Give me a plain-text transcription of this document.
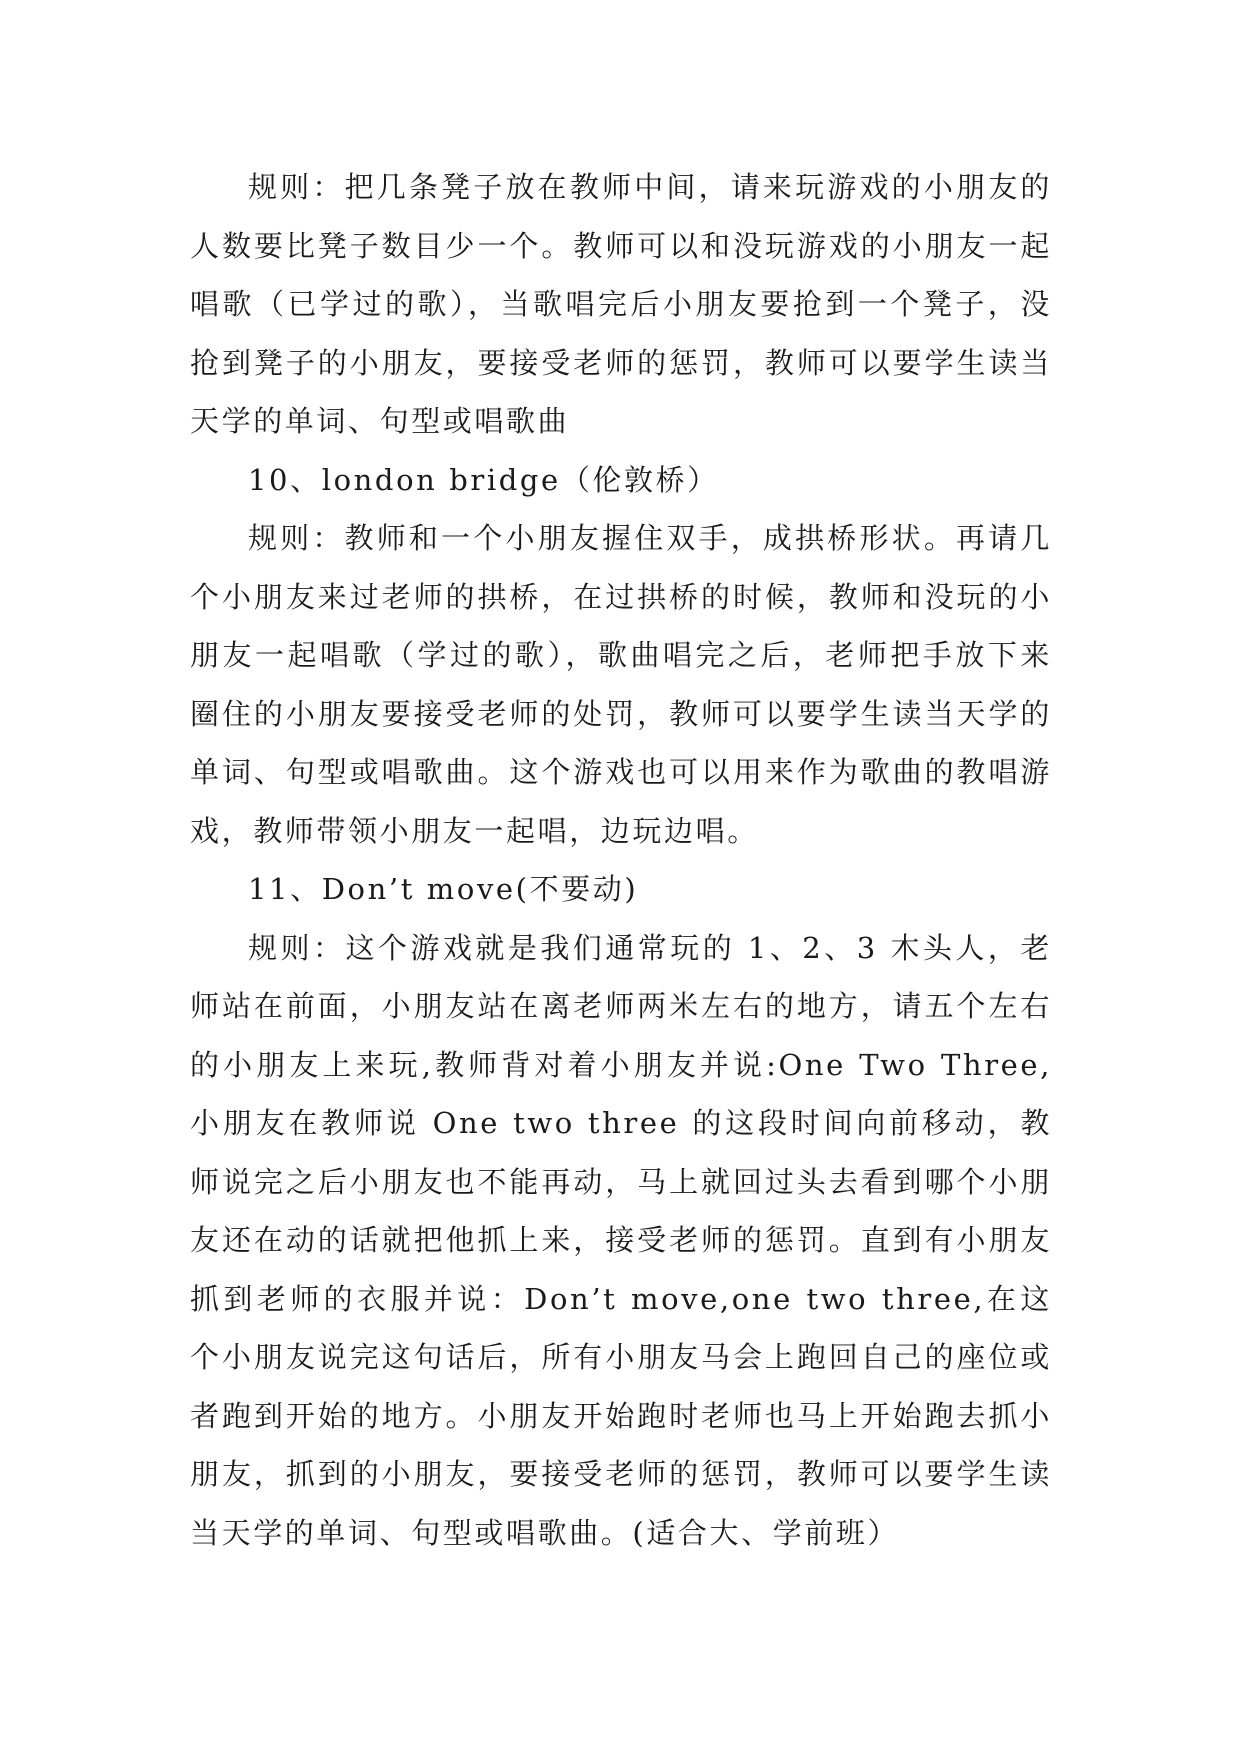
规则：把几条凳子放在教师中间，请来玩游戏的小朋友的人数要比凳子数目少一个。教师可以和没玩游戏的小朋友一起唱歌（已学过的歌），当歌唱完后小朋友要抢到一个凳子，没抢到凳子的小朋友，要接受老师的惩罚，教师可以要学生读当天学的单词、句型或唱歌曲

10、london bridge（伦敦桥）

规则：教师和一个小朋友握住双手，成拱桥形状。再请几个小朋友来过老师的拱桥，在过拱桥的时候，教师和没玩的小朋友一起唱歌（学过的歌），歌曲唱完之后，老师把手放下来圈住的小朋友要接受老师的处罚，教师可以要学生读当天学的单词、句型或唱歌曲。这个游戏也可以用来作为歌曲的教唱游戏，教师带领小朋友一起唱，边玩边唱。

11、Don’t move(不要动)

规则：这个游戏就是我们通常玩的 1、2、3 木头人，老师站在前面，小朋友站在离老师两米左右的地方，请五个左右的小朋友上来玩,教师背对着小朋友并说:One Two Three,小朋友在教师说 One two three 的这段时间向前移动，教师说完之后小朋友也不能再动，马上就回过头去看到哪个小朋友还在动的话就把他抓上来，接受老师的惩罚。直到有小朋友抓到老师的衣服并说：Don’t move,one two three,在这个小朋友说完这句话后，所有小朋友马会上跑回自己的座位或者跑到开始的地方。小朋友开始跑时老师也马上开始跑去抓小朋友，抓到的小朋友，要接受老师的惩罚，教师可以要学生读当天学的单词、句型或唱歌曲。(适合大、学前班）
